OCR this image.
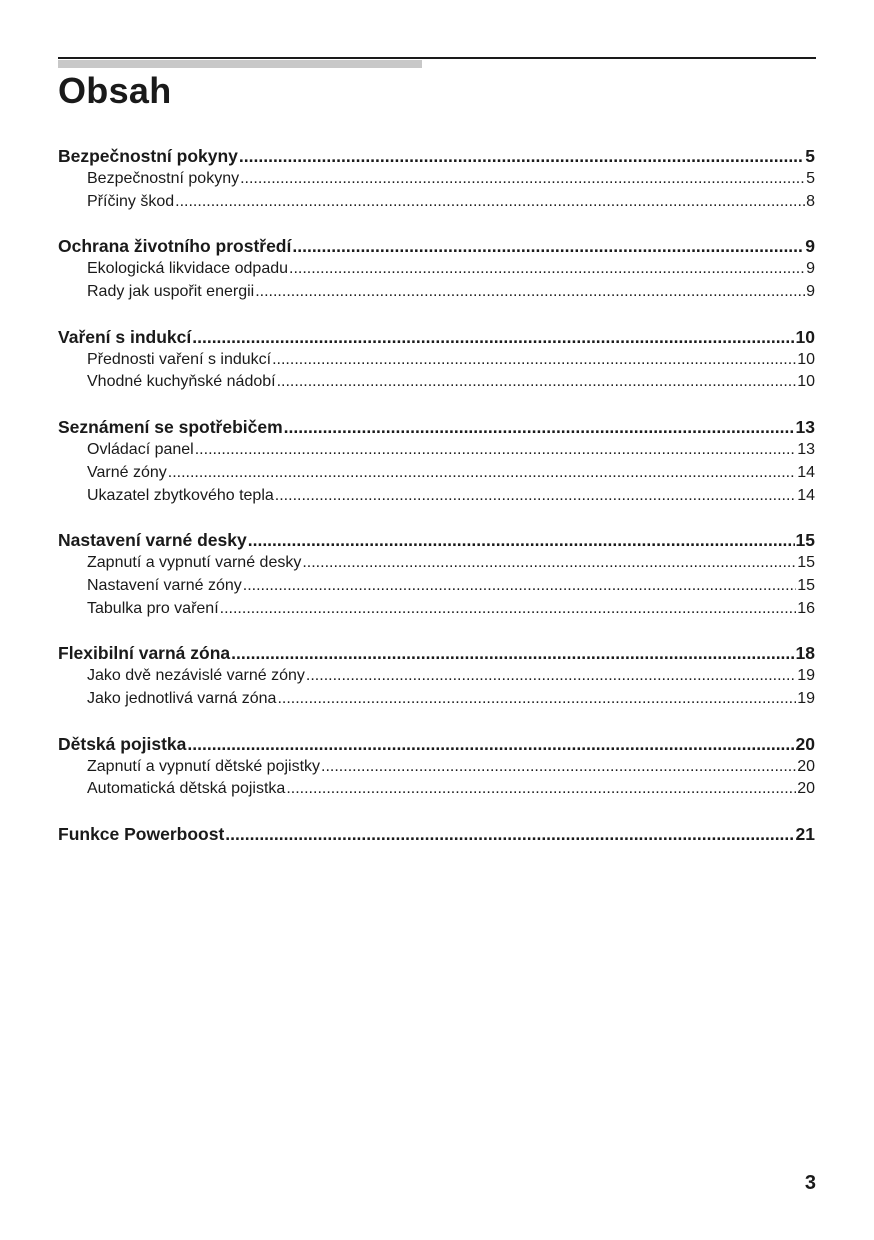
Obsah
Bezpečnostní pokyny .....	5
Bezpečnostní pokyny .....	5
Příčiny škod .....	8
Ochrana životního prostředí .....	9
Ekologická likvidace odpadu .....	9
Rady jak uspořit energii .....	9
Vaření s indukcí .....	10
Přednosti vaření s indukcí .....	10
Vhodné kuchyňské nádobí .....	10
Seznámení se spotřebičem .....	13
Ovládací panel .....	13
Varné zóny .....	14
Ukazatel zbytkového tepla .....	14
Nastavení varné desky .....	15
Zapnutí a vypnutí varné desky .....	15
Nastavení varné zóny .....	15
Tabulka pro vaření .....	16
Flexibilní varná zóna .....	18
Jako dvě nezávislé varné zóny .....	19
Jako jednotlivá varná zóna .....	19
Dětská pojistka .....	20
Zapnutí a vypnutí dětské pojistky .....	20
Automatická dětská pojistka .....	20
Funkce Powerboost .....	21
3
